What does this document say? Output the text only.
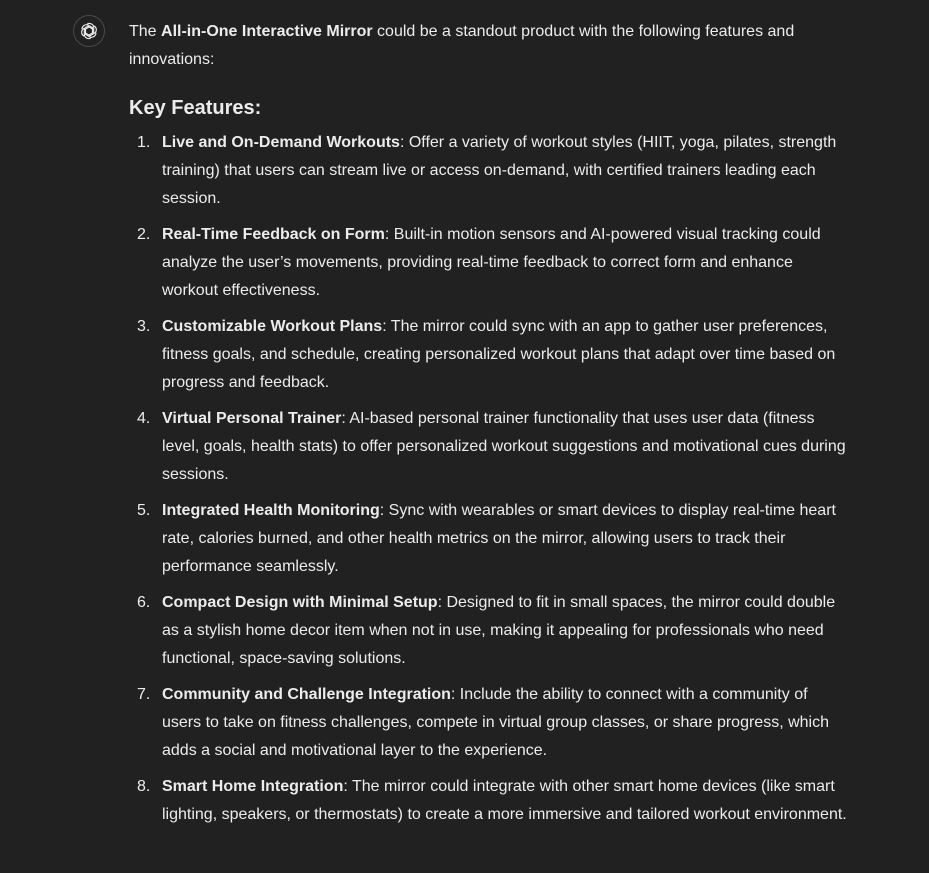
The All-in-One Interactive Mirror could be a standout product with the following features and innovations:

Key Features:
1. Live and On-Demand Workouts: Offer a variety of workout styles (HIIT, yoga, pilates, strength training) that users can stream live or access on-demand, with certified trainers leading each session.
2. Real-Time Feedback on Form: Built-in motion sensors and AI-powered visual tracking could analyze the user’s movements, providing real-time feedback to correct form and enhance workout effectiveness.
3. Customizable Workout Plans: The mirror could sync with an app to gather user preferences, fitness goals, and schedule, creating personalized workout plans that adapt over time based on progress and feedback.
4. Virtual Personal Trainer: AI-based personal trainer functionality that uses user data (fitness level, goals, health stats) to offer personalized workout suggestions and motivational cues during sessions.
5. Integrated Health Monitoring: Sync with wearables or smart devices to display real-time heart rate, calories burned, and other health metrics on the mirror, allowing users to track their performance seamlessly.
6. Compact Design with Minimal Setup: Designed to fit in small spaces, the mirror could double as a stylish home decor item when not in use, making it appealing for professionals who need functional, space-saving solutions.
7. Community and Challenge Integration: Include the ability to connect with a community of users to take on fitness challenges, compete in virtual group classes, or share progress, which adds a social and motivational layer to the experience.
8. Smart Home Integration: The mirror could integrate with other smart home devices (like smart lighting, speakers, or thermostats) to create a more immersive and tailored workout environment.
